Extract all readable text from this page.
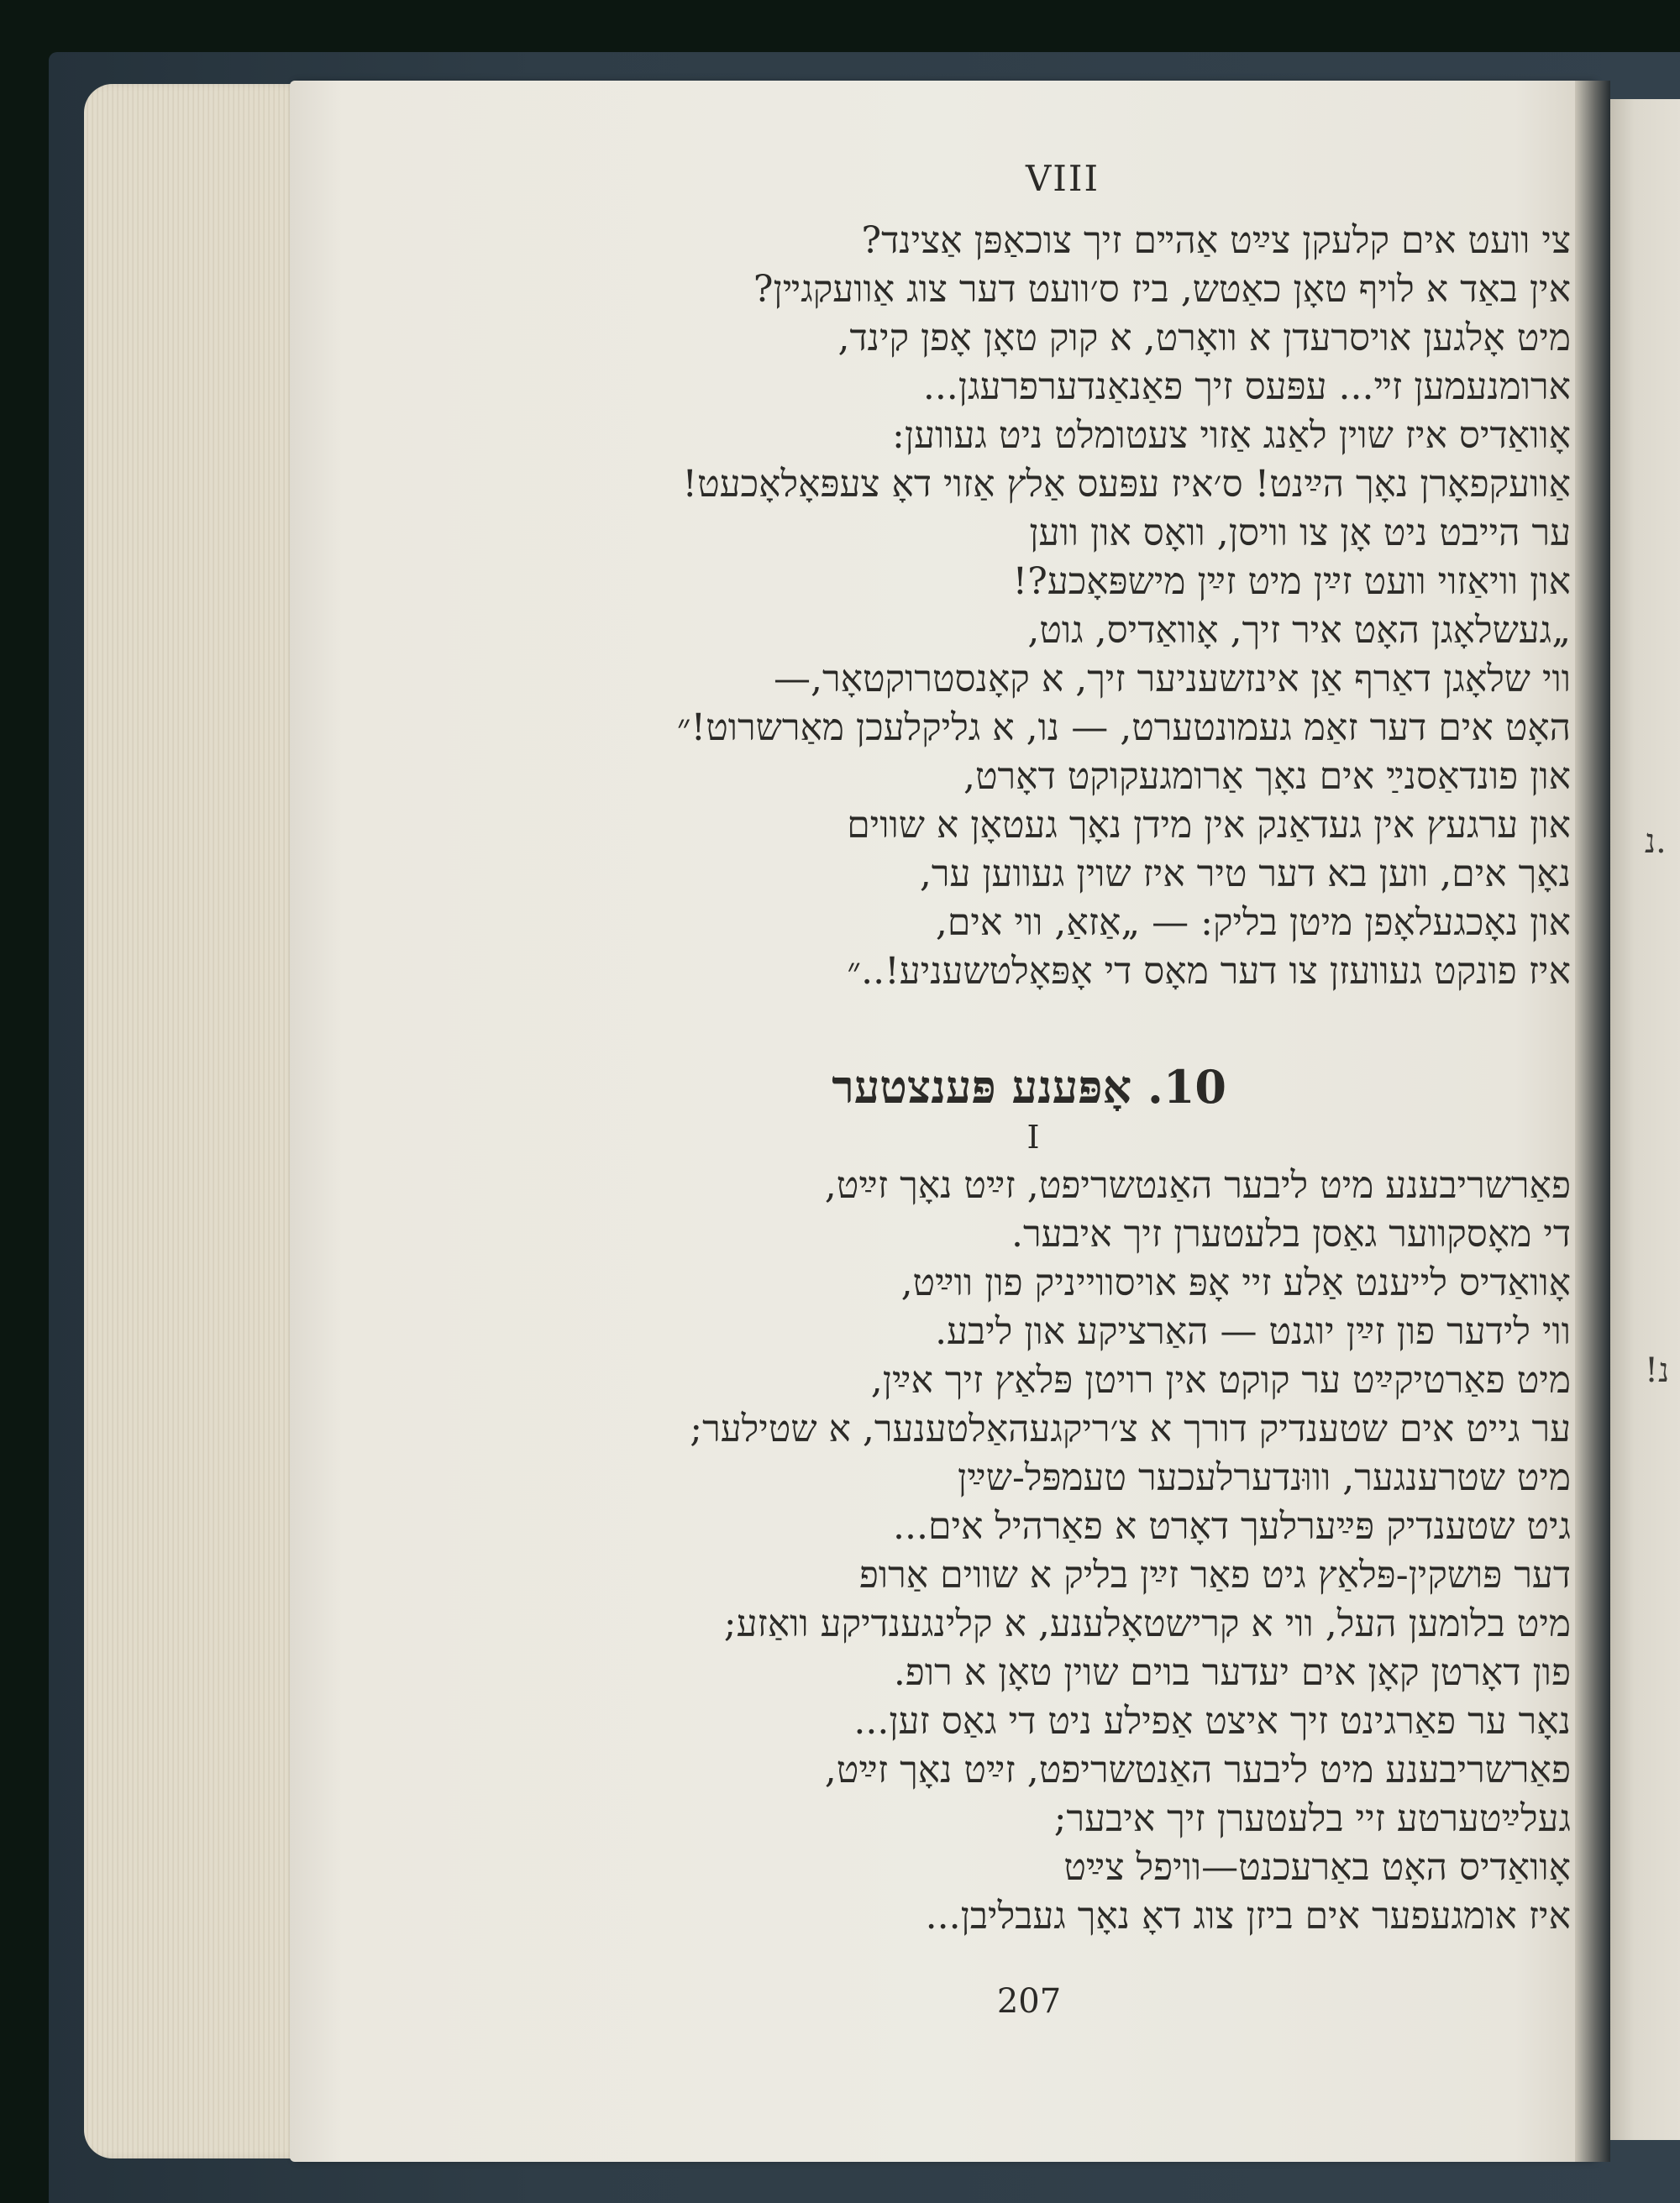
נ.
!נ
VIII
צי וועט אים קלעקן צײַט אַהײם זיך צוכאַפּן אַצינד?
אין באַד א לויף טאָן כאַטש, ביז ס׳וועט דער צוג אַוועקגײן?
מיט אָלגען אויסרעדן א וואָרט, א קוק טאָן אָפן קינד,
ארומנעמען זײ... עפּעס זיך פאַנאַנדערפרעגן...
אָוואַדיס איז שוין לאַנג אַזוי צעטומלט ניט געווען:
אַוועקפאָרן נאָך הײַנט! ס׳איז עפּעס אַלץ אַזוי דאָ צעפּאָלאָכעט!
ער הייבט ניט אָן צו וויסן, וואָס און ווען
און וויאַזוי וועט זײַן מיט זײַן מישפּאָכע?!
„געשלאָגן האָט איר זיך, אָוואַדיס, גוט,
ווי שלאָגן דאַרף אַן אינזשעניער זיך, א קאָנסטרוקטאָר,—
האָט אים דער זאַמ געמונטערט, — נו, א גליקלעכן מאַרשרוט!״
און פונדאַסנײַ אים נאָך אַרומגעקוקט דאָרט,
און ערגעץ אין געדאַנק אין מידן נאָך געטאָן א שווים
נאָך אים, ווען בא דער טיר איז שוין געווען ער,
און נאָכגעלאָפן מיטן בליק: — „אַזאַ, ווי אים,
איז פונקט געוועזן צו דער מאָס די אָפּאָלטשעניע!..״
10. אָפּענע פּענצטער
I
פאַרשריבענע מיט ליבער האַנטשריפט, זײַט נאָך זײַט,
די מאָסקווער גאַסן בלעטערן זיך איבער.
אָוואַדיס לייענט אַלע זיי אָפּ אויסווייניק פון ווײַט,
ווי לידער פון זײַן יוגנט — האַרציקע און ליבע.
מיט פאַרטיקײַט ער קוקט אין רויטן פּלאַץ זיך אײַן,
ער גייט אים שטענדיק דורך א צ׳ריקגעהאַלטענער, א שטילער;
מיט שטרענגער, וווּנדערלעכער טעמפּל-שײַן
גיט שטענדיק פּײַערלעך דאָרט א פאַרהיל אים...
דער פּושקין-פּלאַץ גיט פאַר זײַן בליק א שווים אַרופ
מיט בלומען העל, ווי א קרישטאָלענע, א קלינגענדיקע וואַזע;
פון דאָרטן קאָן אים יעדער בוים שוין טאָן א רופ.
נאָר ער פאַרגינט זיך איצט אַפילע ניט די גאַס זען...
פאַרשריבענע מיט ליבער האַנטשריפט, זײַט נאָך זײַט,
געלײַטערטע זיי בלעטערן זיך איבער;
אָוואַדיס האָט באַרעכנט—וויפל צײַט
איז אומגעפער אים ביזן צוג דאָ נאָך געבליבן...
207
